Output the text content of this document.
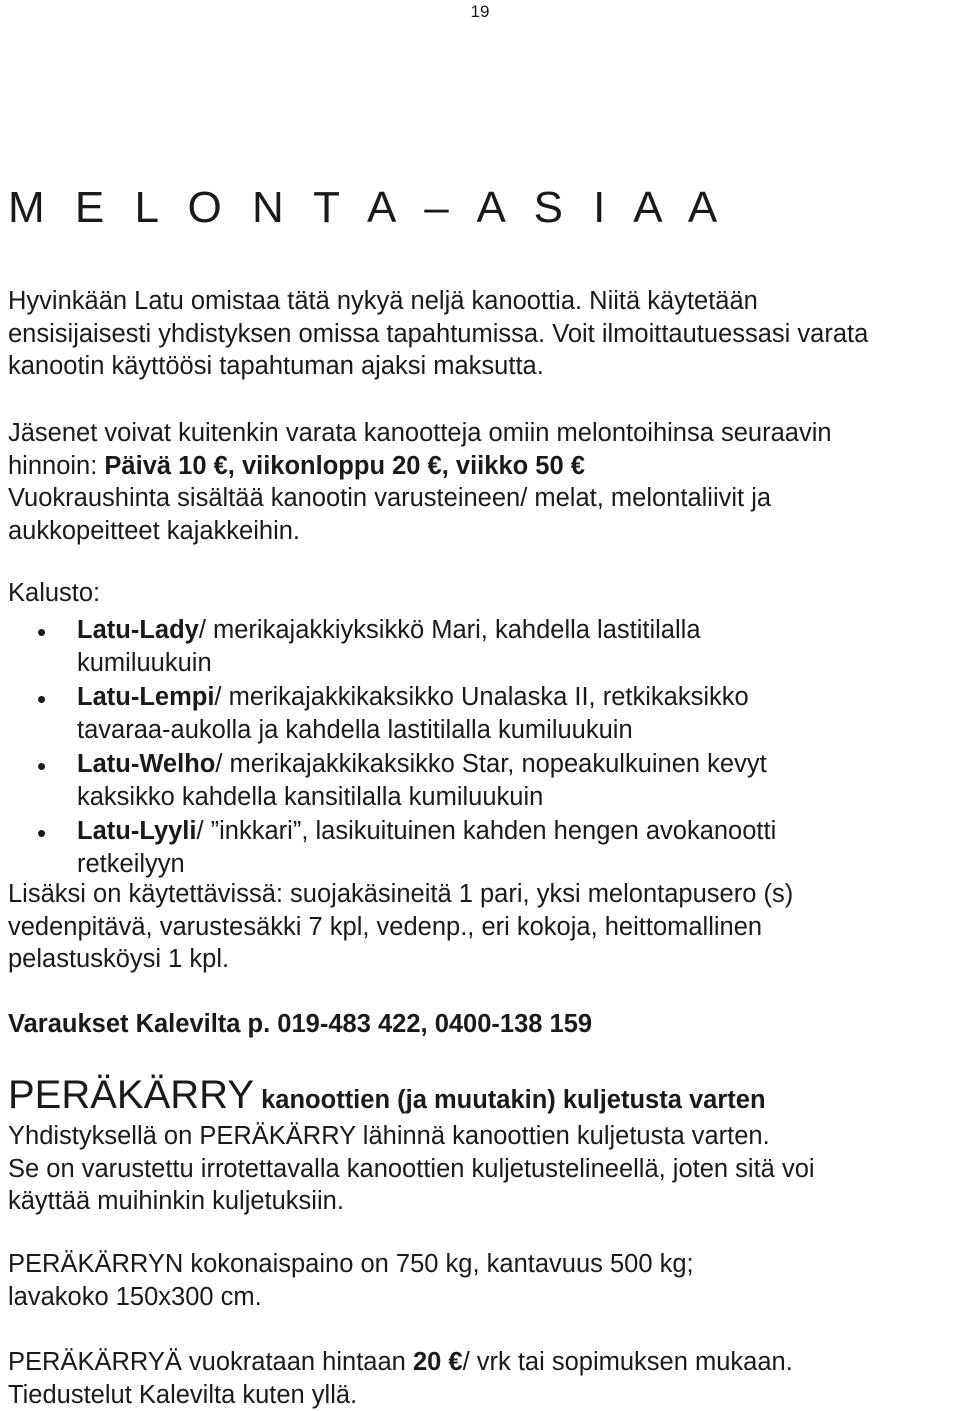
19
M E L O N T A – A S I A A
Hyvinkään Latu omistaa tätä nykyä neljä kanoottia. Niitä käytetään
ensisijaisesti yhdistyksen omissa tapahtumissa. Voit ilmoittautuessasi varata
kanootin käyttöösi tapahtuman ajaksi maksutta.
Jäsenet voivat kuitenkin varata kanootteja omiin melontoihinsa seuraavin
hinnoin: Päivä 10 €, viikonloppu 20 €, viikko 50 €
Vuokraushinta sisältää kanootin varusteineen/ melat, melontaliivit ja
aukkopeitteet kajakkeihin.
Kalusto:
• Latu-Lady/ merikajakkiyksikkö Mari, kahdella lastitilalla
kumiluukuin
• Latu-Lempi/ merikajakkikaksikko Unalaska II, retkikaksikko
tavaraa-aukolla ja kahdella lastitilalla kumiluukuin
• Latu-Welho/ merikajakkikaksikko Star, nopeakulkuinen kevyt
kaksikko kahdella kansitilalla kumiluukuin
• Latu-Lyyli/ ”inkkari”, lasikuituinen kahden hengen avokanootti
retkeilyyn
Lisäksi on käytettävissä: suojakäsineitä 1 pari, yksi melontapusero (s)
vedenpitävä, varustesäkki 7 kpl, vedenp., eri kokoja, heittomallinen
pelastusköysi 1 kpl.
Varaukset Kalevilta p. 019-483 422, 0400-138 159
PERÄKÄRRY kanoottien (ja muutakin) kuljetusta varten
Yhdistyksellä on PERÄKÄRRY lähinnä kanoottien kuljetusta varten.
Se on varustettu irrotettavalla kanoottien kuljetustelineellä, joten sitä voi
käyttää muihinkin kuljetuksiin.
PERÄKÄRRYN kokonaispaino on 750 kg, kantavuus 500 kg;
lavakoko 150x300 cm.
PERÄKÄRRYÄ vuokrataan hintaan 20 €/ vrk tai sopimuksen mukaan.
Tiedustelut Kalevilta kuten yllä.
